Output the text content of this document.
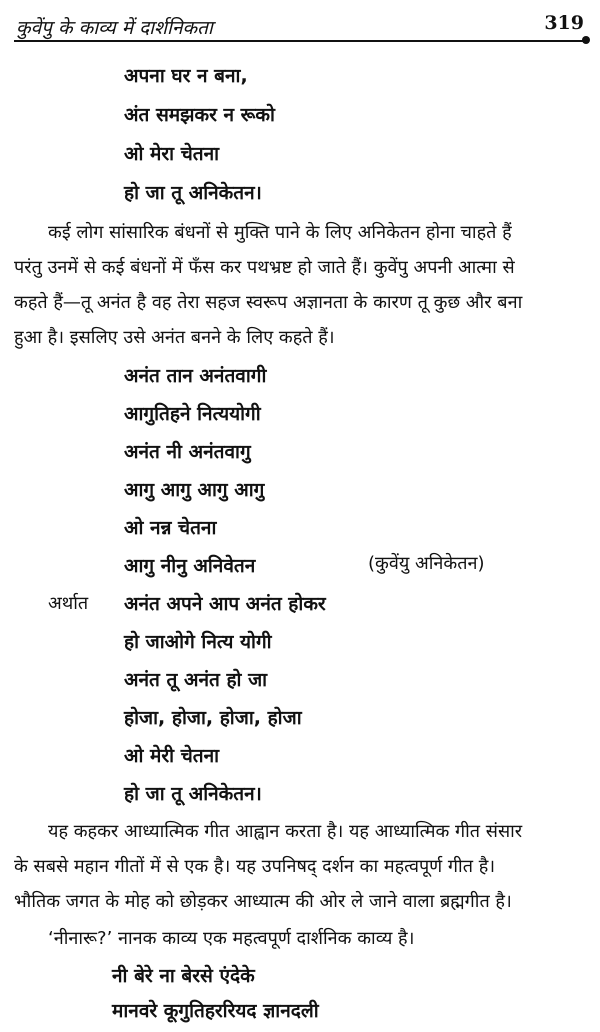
कुवेंपु के काव्य में दार्शनिकता	319
अपना घर न बना,
अंत समझकर न रूको
ओ मेरा चेतना
हो जा तू अनिकेतन।
कई लोग सांसारिक बंधनों से मुक्ति पाने के लिए अनिकेतन होना चाहते हैं
परंतु उनमें से कई बंधनों में फँस कर पथभ्रष्ट हो जाते हैं। कुवेंपु अपनी आत्मा से
कहते हैं—तू अनंत है वह तेरा सहज स्वरूप अज्ञानता के कारण तू कुछ और बना
हुआ है। इसलिए उसे अनंत बनने के लिए कहते हैं।
अनंत तान अनंतवागी
आगुतिहने नित्ययोगी
अनंत नी अनंतवागु
आगु आगु आगु आगु
ओ नन्न चेतना
आगु नीनु अनिवेतन	(कुवेंयु अनिकेतन)
अर्थात अनंत अपने आप अनंत होकर
हो जाओगे नित्य योगी
अनंत तू अनंत हो जा
होजा, होजा, होजा, होजा
ओ मेरी चेतना
हो जा तू अनिकेतन।
यह कहकर आध्यात्मिक गीत आह्वान करता है। यह आध्यात्मिक गीत संसार
के सबसे महान गीतों में से एक है। यह उपनिषद् दर्शन का महत्वपूर्ण गीत है।
भौतिक जगत के मोह को छोड़कर आध्यात्म की ओर ले जाने वाला ब्रह्मगीत है।
‘नीनारू?’ नानक काव्य एक महत्वपूर्ण दार्शनिक काव्य है।
नी बेरे ना बेरसे एंदेके
मानवरे कूगुतिहररियद ज्ञानदली
